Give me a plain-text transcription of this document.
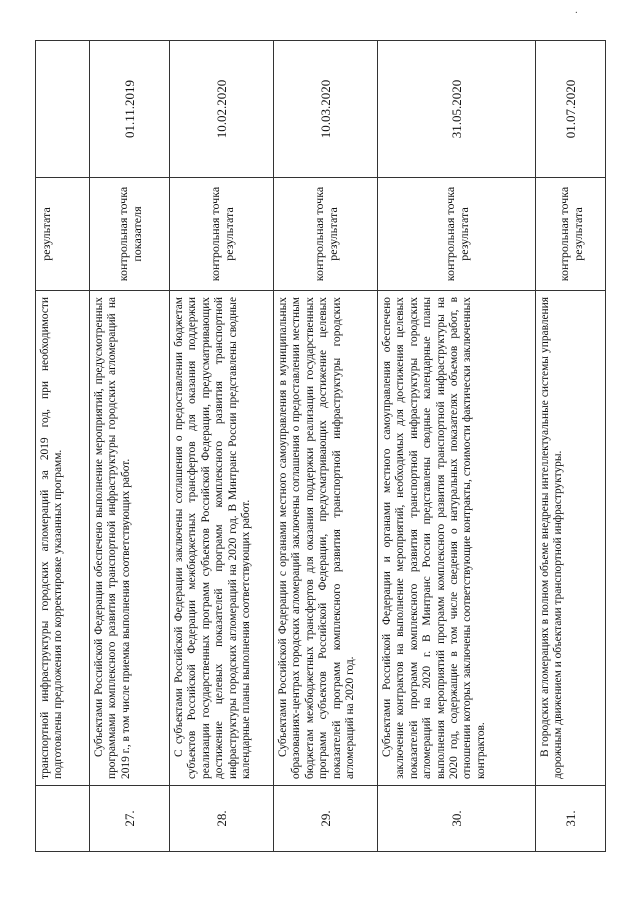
.
	транспортной инфраструктуры городских агломераций за 2019 год, при необходимости подготовлены предложения по корректировке указанных программ.	результата	
27.	Субъектами Российской Федерации обеспечено выполнение мероприятий, предусмотренных программами комплексного развития транспортной инфраструктуры городских агломераций на 2019 г., в том числе приемка выполнения соответствующих работ.	контрольная точка показателя	01.11.2019
28.	С субъектами Российской Федерации заключены соглашения о предоставлении бюджетам субъектов Российской Федерации межбюджетных трансфертов для оказания поддержки реализации государственных программ субъектов Российской Федерации, предусматривающих достижение целевых показателей программ комплексного развития транспортной инфраструктуры городских агломераций на 2020 год. В Минтранс России представлены сводные календарные планы выполнения соответствующих работ.	контрольная точка результата	10.02.2020
29.	Субъектами Российской Федерации с органами местного самоуправления в муниципальных образованиях-центрах городских агломераций заключены соглашения о предоставлении местным бюджетам межбюджетных трансфертов для оказания поддержки реализации государственных программ субъектов Российской Федерации, предусматривающих достижение целевых показателей программ комплексного развития транспортной инфраструктуры городских агломераций на 2020 год.	контрольная точка результата	10.03.2020
30.	Субъектами Российской Федерации и органами местного самоуправления обеспечено заключение контрактов на выполнение мероприятий, необходимых для достижения целевых показателей программ комплексного развития транспортной инфраструктуры городских агломераций на 2020 г. В Минтранс России представлены сводные календарные планы выполнения мероприятий программ комплексного развития транспортной инфраструктуры на 2020 год, содержащие в том числе сведения о натуральных показателях объемов работ, в отношении которых заключены соответствующие контракты, стоимости фактически заключенных контрактов.	контрольная точка результата	31.05.2020
31.	В городских агломерациях в полном объеме внедрены интеллектуальные системы управления дорожным движением и объектами транспортной инфраструктуры.	контрольная точка результата	01.07.2020
